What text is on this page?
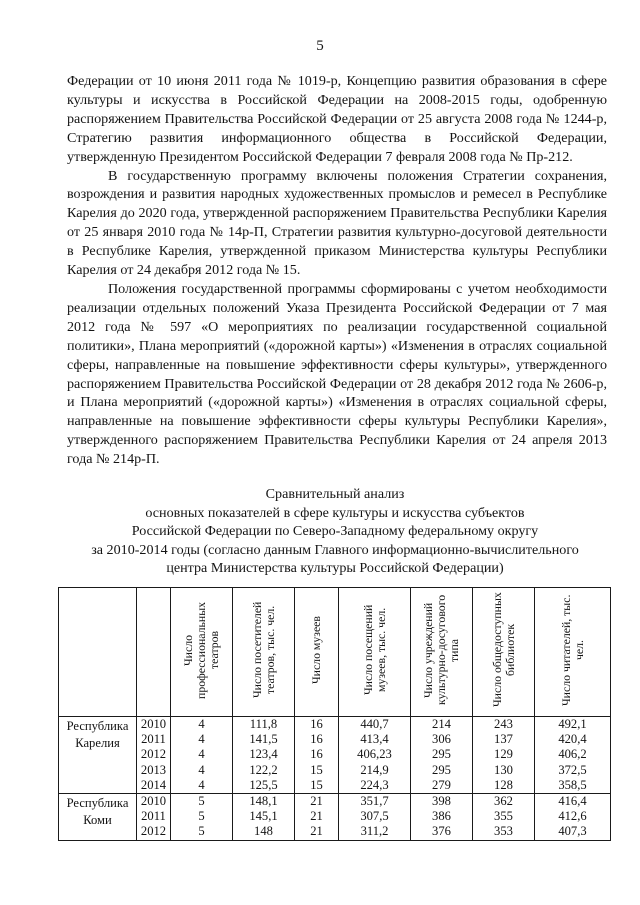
5

Федерации от 10 июня 2011 года № 1019-р, Концепцию развития образования в сфере культуры и искусства в Российской Федерации на 2008-2015 годы, одобренную распоряжением Правительства Российской Федерации от 25 августа 2008 года № 1244-р, Стратегию развития информационного общества в Российской Федерации, утвержденную Президентом Российской Федерации 7 февраля 2008 года № Пр-212.

В государственную программу включены положения Стратегии сохранения, возрождения и развития народных художественных промыслов и ремесел в Республике Карелия до 2020 года, утвержденной распоряжением Правительства Республики Карелия от 25 января 2010 года № 14р-П, Стратегии развития культурно-досуговой деятельности в Республике Карелия, утвержденной приказом Министерства культуры Республики Карелия от 24 декабря 2012 года № 15.

Положения государственной программы сформированы с учетом необходимости реализации отдельных положений Указа Президента Российской Федерации от 7 мая 2012 года № 597 «О мероприятиях по реализации государственной социальной политики», Плана мероприятий («дорожной карты») «Изменения в отраслях социальной сферы, направленные на повышение эффективности сферы культуры», утвержденного распоряжением Правительства Российской Федерации от 28 декабря 2012 года № 2606-р, и Плана мероприятий («дорожной карты») «Изменения в отраслях социальной сферы, направленные на повышение эффективности сферы культуры Республики Карелия», утвержденного распоряжением Правительства Республики Карелия от 24 апреля 2013 года № 214р-П.

Сравнительный анализ
основных показателей в сфере культуры и искусства субъектов
Российской Федерации по Северо-Западному федеральному округу
за 2010-2014 годы (согласно данным Главного информационно-вычислительного
центра Министерства культуры Российской Федерации)
		Число профессиональных театров	Число посетителей театров, тыс. чел.	Число музеев	Число посещений музеев, тыс. чел.	Число учреждений культурно-досугового типа	Число общедоступных библиотек	Число читателей, тыс. чел.

Республика
Карелия	2010	4	111,8	16	440,7	214	243	492,1
	2011	4	141,5	16	413,4	306	137	420,4
	2012	4	123,4	16	406,23	295	129	406,2
	2013	4	122,2	15	214,9	295	130	372,5
	2014	4	125,5	15	224,3	279	128	358,5

Республика
Коми	2010	5	148,1	21	351,7	398	362	416,4
	2011	5	145,1	21	307,5	386	355	412,6
	2012	5	148	21	311,2	376	353	407,3
